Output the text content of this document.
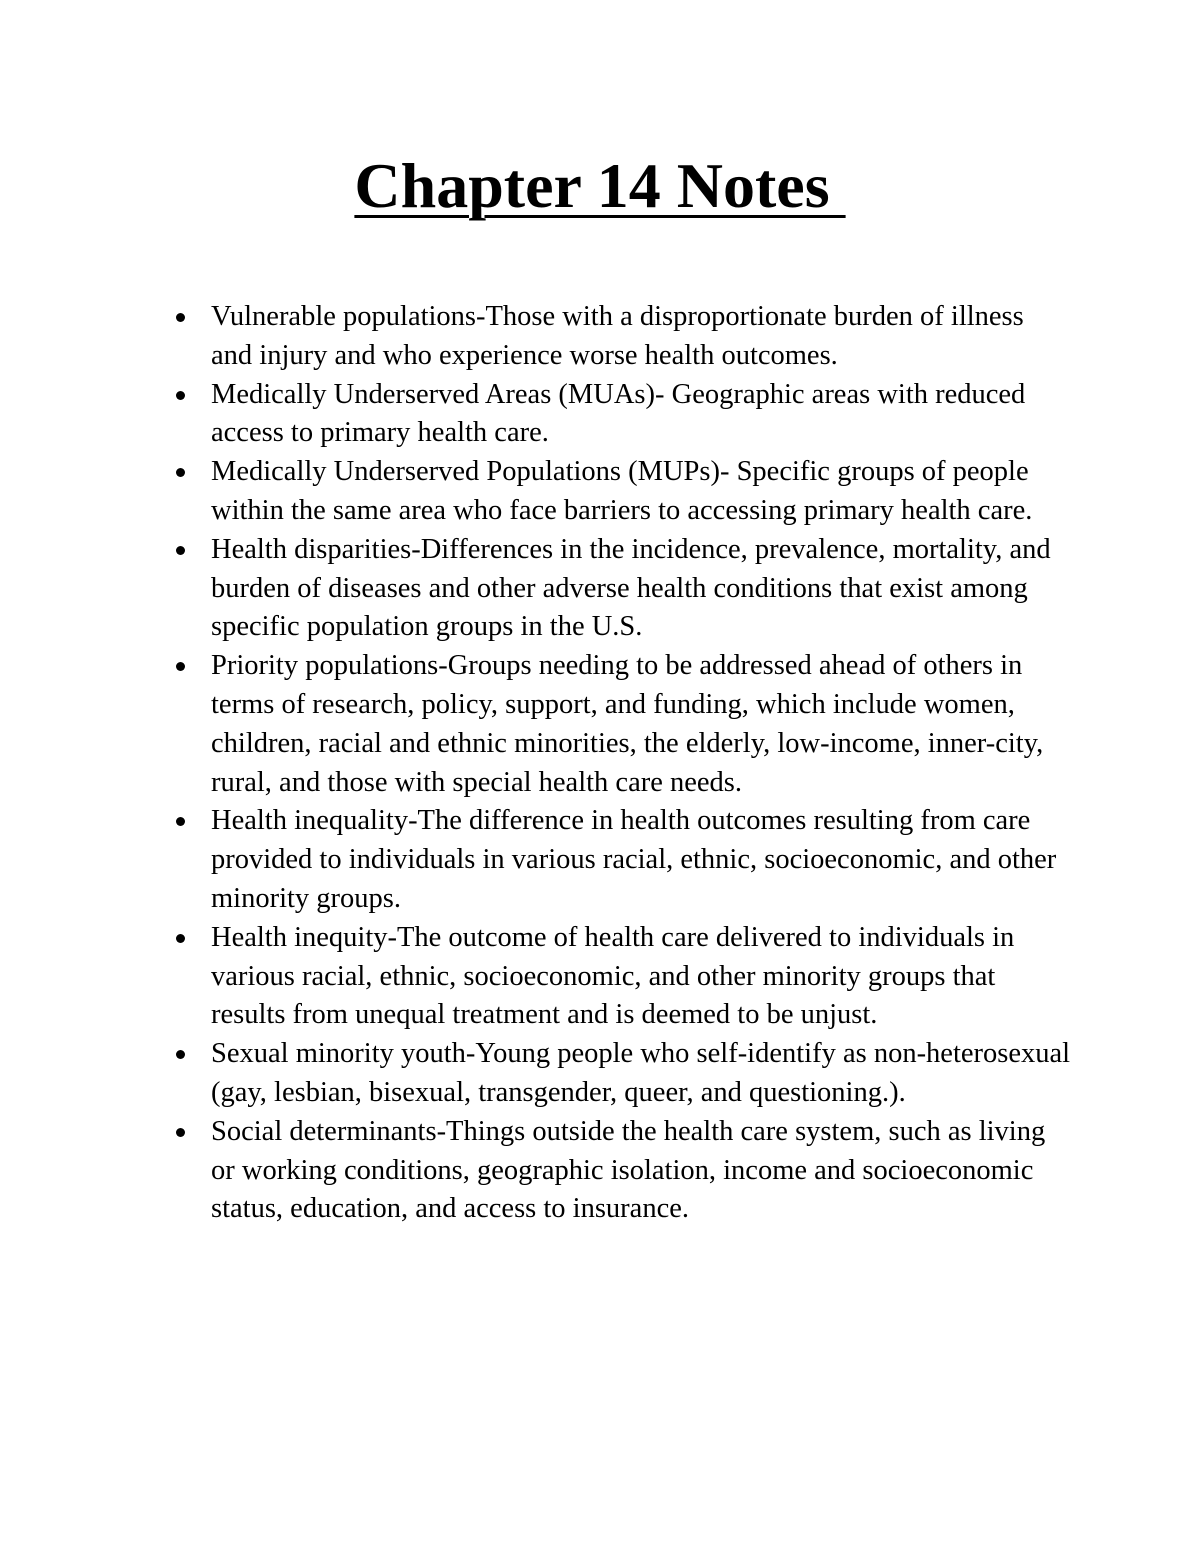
Chapter 14 Notes
Vulnerable populations-Those with a disproportionate burden of illness and injury and who experience worse health outcomes.
Medically Underserved Areas (MUAs)- Geographic areas with reduced access to primary health care.
Medically Underserved Populations (MUPs)- Specific groups of people within the same area who face barriers to accessing primary health care.
Health disparities-Differences in the incidence, prevalence, mortality, and burden of diseases and other adverse health conditions that exist among specific population groups in the U.S.
Priority populations-Groups needing to be addressed ahead of others in terms of research, policy, support, and funding, which include women, children, racial and ethnic minorities, the elderly, low-income, inner-city, rural, and those with special health care needs.
Health inequality-The difference in health outcomes resulting from care provided to individuals in various racial, ethnic, socioeconomic, and other minority groups.
Health inequity-The outcome of health care delivered to individuals in various racial, ethnic, socioeconomic, and other minority groups that results from unequal treatment and is deemed to be unjust.
Sexual minority youth-Young people who self-identify as non-heterosexual (gay, lesbian, bisexual, transgender, queer, and questioning.).
Social determinants-Things outside the health care system, such as living or working conditions, geographic isolation, income and socioeconomic status, education, and access to insurance.
